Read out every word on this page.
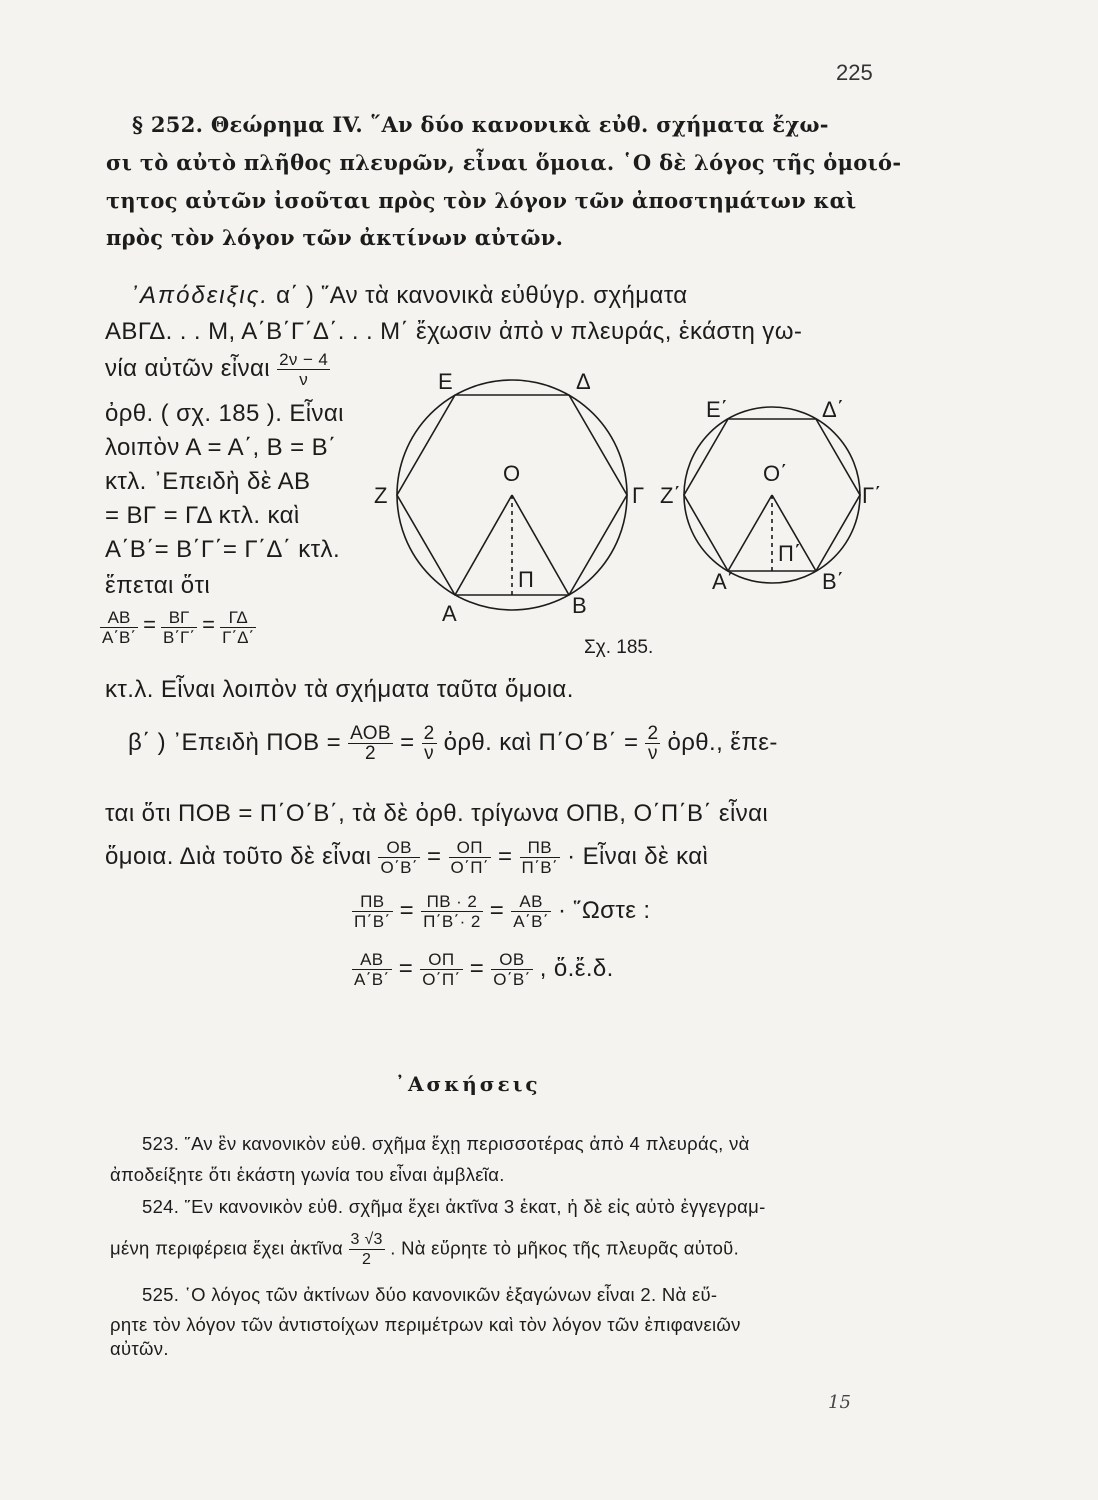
225
§ 252. Θεώρημα IV. ῞Αν δύο κανονικὰ εὐθ. σχήματα ἔχω-
σι τὸ αὐτὸ πλῆθος πλευρῶν, εἶναι ὅμοια. ῾Ο δὲ λόγος τῆς ὁμοιό-
τητος αὐτῶν ἰσοῦται πρὸς τὸν λόγον τῶν ἀποστημάτων καὶ
πρὸς τὸν λόγον τῶν ἀκτίνων αὐτῶν.
᾿Απόδειξις. α΄ ) ῞Αν τὰ κανονικὰ εὐθύγρ. σχήματα
ΑΒΓΔ. . . Μ, Α΄Β΄Γ΄Δ΄. . . Μ΄ ἔχωσιν ἀπὸ ν πλευράς, ἑκάστη γω-
νία αὐτῶν εἶναι $\frac{2\nu - 4}{\nu}$
ὀρθ. ( σχ. 185 ). Εἶναι
λοιπὸν Α = Α΄, Β = Β΄
κτλ. ᾿Επειδὴ δὲ ΑΒ
= ΒΓ = ΓΔ κτλ. καὶ
Α΄Β΄= Β΄Γ΄= Γ΄Δ΄ κτλ.
ἕπεται ὅτι
$\frac{AB}{A΄B΄} = \frac{B\Gamma}{B΄\Gamma΄} = \frac{\Gamma\Delta}{\Gamma΄\Delta΄}$
κτ.λ. Εἶναι λοιπὸν τὰ σχήματα ταῦτα ὅμοια.
β΄ ) ᾿Επειδὴ $\Pi OB = \frac{\text{ΑΟΒ}}{2} = \frac{2}{\nu}$ ὀρθ. καὶ $\Pi΄O΄B΄ = \frac{2}{\nu}$ ὀρθ., ἕπε-
ται ὅτι ΠΟΒ = Π΄Ο΄Β΄, τὰ δὲ ὀρθ. τρίγωνα ΟΠΒ, Ο΄Π΄Β΄ εἶναι
ὅμοια. Διὰ τοῦτο δὲ εἶναι $\frac{OB}{O΄B΄} = \frac{O\Pi}{O΄\Pi΄} = \frac{\Pi B}{\Pi΄B΄}$ · Εἶναι δὲ καὶ
$\frac{\Pi B}{\Pi΄B΄} = \frac{\Pi B \cdot 2}{\Pi΄B΄\cdot 2} = \frac{AB}{A΄B΄}$ · ῞Ωστε :
$\frac{AB}{A΄B΄} = \frac{O\Pi}{O΄\Pi΄} = \frac{OB}{O΄B΄}$ , ὅ.ἔ.δ.
Ε	Δ
Ζ	Γ
Ο
Π
Α	Β
Ε΄	Δ΄
Ζ΄	Γ΄
Ο΄
Π΄
Α΄	Β΄
Σχ. 185.
᾿Ασκήσεις
523. ῞Αν ἓν κανονικὸν εὐθ. σχῆμα ἔχῃ περισσοτέρας ἀπὸ 4 πλευράς, νὰ
ἀποδείξητε ὅτι ἑκάστη γωνία του εἶναι ἀμβλεῖα.
524. ῞Εν κανονικὸν εὐθ. σχῆμα ἔχει ἀκτῖνα 3 ἑκατ, ἡ δὲ εἰς αὐτὸ ἐγγεγραμ-
μένη περιφέρεια ἔχει ἀκτῖνα $\frac{3 √3}{2}$ . Νὰ εὕρητε τὸ μῆκος τῆς πλευρᾶς αὐτοῦ.
525. ῾Ο λόγος τῶν ἀκτίνων δύο κανονικῶν ἑξαγώνων εἶναι 2. Νὰ εὕ-
ρητε τὸν λόγον τῶν ἀντιστοίχων περιμέτρων καὶ τὸν λόγον τῶν ἐπιφανειῶν
αὐτῶν.
15
